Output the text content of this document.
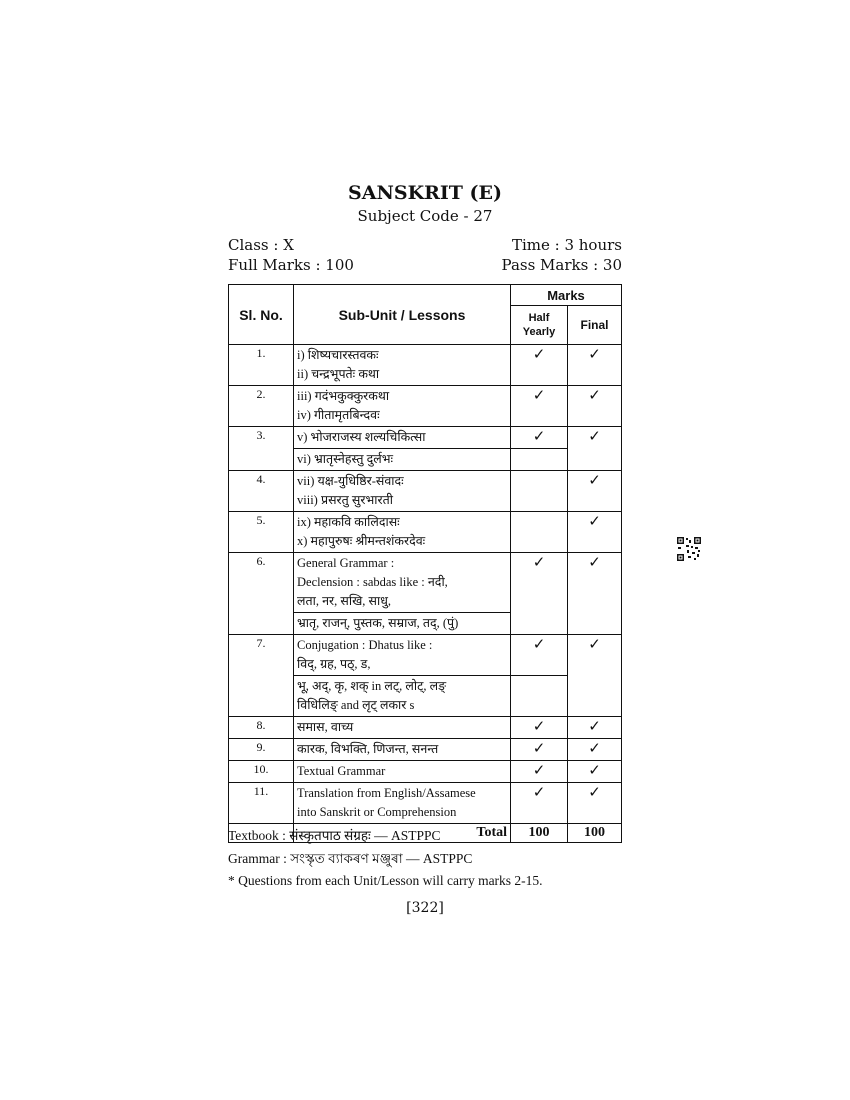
SANSKRIT (E)
Subject Code - 27
Class : X	Time : 3 hours
Full Marks : 100	Pass Marks : 30
Sl. No.	Sub-Unit / Lessons	Marks	
		Half Yearly	Final
1.	i) शिष्यचारस्तवकः
ii) चन्द्रभूपतेः कथा	✓	✓
2.	iii) गदंभकुक्कुरकथा
iv) गीतामृतबिन्दवः	✓	✓
3.	v) भोजराजस्य शल्यचिकित्सा	✓	✓

	vi) भ्रातृस्नेहस्तु दुर्लभः		

4.	vii) यक्ष-युधिष्ठिर-संवादः
viii) प्रसरतु सुरभारती		✓
5.	ix) महाकवि कालिदासः
x) महापुरुषः श्रीमन्तशंकरदेवः		✓
6.	General Grammar :
Declension : sabdas like : नदी,
लता, नर, सखि, साधु,	✓	✓

	भ्रातृ, राजन्, पुस्तक, सम्राज, तद्, (पुं)		

7.	Conjugation : Dhatus like :
विद्, ग्रह, पठ्, ड,	✓	✓

	भू, अद्, कृ, शक् in लट्, लोट्, लङ्
विधिलिङ् and लृट् लकार s		

8.	समास, वाच्य	✓	✓
9.	कारक, विभक्ति, णिजन्त, सनन्त	✓	✓
10.	Textual Grammar	✓	✓
11.	Translation from English/Assamese
into Sanskrit or Comprehension	✓	✓
	Total	100	100
Textbook : संस्कृतपाठ संग्रहः — ASTPPC
Grammar : সংস্কৃত ব্যাকৰণ মঞ্জুৰা — ASTPPC
* Questions from each Unit/Lesson will carry marks 2-15.
[322]
